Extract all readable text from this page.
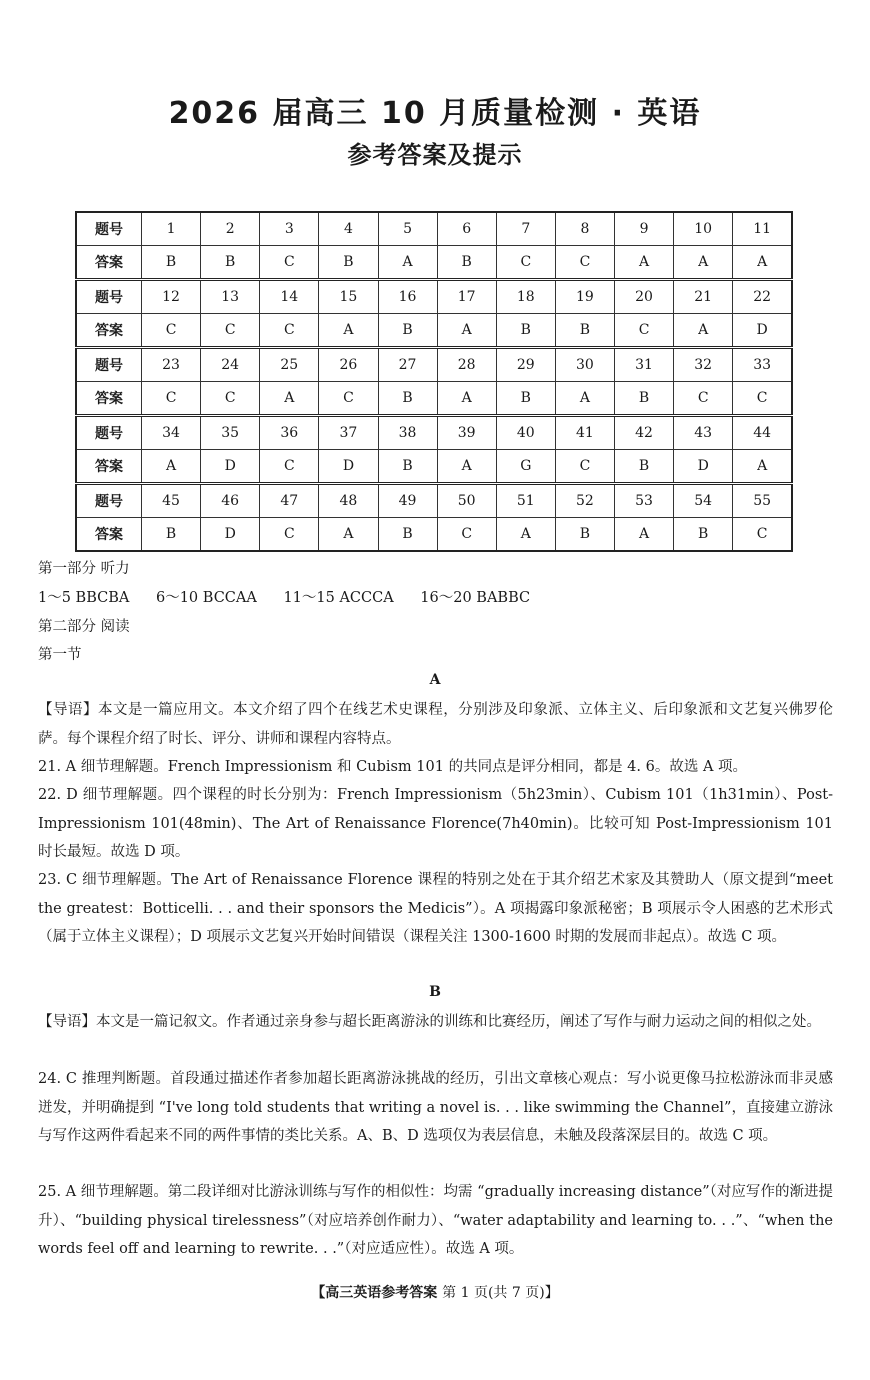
2026 届高三 10 月质量检测 · 英语
参考答案及提示
题号	1	2	3	4	5	6	7	8	9	10	11
答案	B	B	C	B	A	B	C	C	A	A	A
题号	12	13	14	15	16	17	18	19	20	21	22
答案	C	C	C	A	B	A	B	B	C	A	D
题号	23	24	25	26	27	28	29	30	31	32	33
答案	C	C	A	C	B	A	B	A	B	C	C
题号	34	35	36	37	38	39	40	41	42	43	44
答案	A	D	C	D	B	A	G	C	B	D	A
题号	45	46	47	48	49	50	51	52	53	54	55
答案	B	D	C	A	B	C	A	B	A	B	C
第一部分 听力
1～5 BBCBA 6～10 BCCAA 11～15 ACCCA 16～20 BABBC
第二部分 阅读
第一节
A
【导语】本文是一篇应用文。本文介绍了四个在线艺术史课程，分别涉及印象派、立体主义、后印象派和文艺复兴佛罗伦萨。每个课程介绍了时长、评分、讲师和课程内容特点。
21. A 细节理解题。French Impressionism 和 Cubism 101 的共同点是评分相同，都是 4. 6。故选 A 项。
22. D 细节理解题。四个课程的时长分别为：French Impressionism（5h23min）、Cubism 101（1h31min）、Post-Impressionism 101(48min)、The Art of Renaissance Florence(7h40min)。比较可知 Post-Impressionism 101 时长最短。故选 D 项。
23. C 细节理解题。The Art of Renaissance Florence 课程的特别之处在于其介绍艺术家及其赞助人（原文提到“meet the greatest：Botticelli. . . and their sponsors the Medicis”）。A 项揭露印象派秘密；B 项展示令人困惑的艺术形式（属于立体主义课程）；D 项展示文艺复兴开始时间错误（课程关注 1300-1600 时期的发展而非起点）。故选 C 项。
B
【导语】本文是一篇记叙文。作者通过亲身参与超长距离游泳的训练和比赛经历，阐述了写作与耐力运动之间的相似之处。
24. C 推理判断题。首段通过描述作者参加超长距离游泳挑战的经历，引出文章核心观点：写小说更像马拉松游泳而非灵感迸发，并明确提到 “I've long told students that writing a novel is. . . like swimming the Channel”，直接建立游泳与写作这两件看起来不同的两件事情的类比关系。A、B、D 选项仅为表层信息，未触及段落深层目的。故选 C 项。
25. A 细节理解题。第二段详细对比游泳训练与写作的相似性：均需 “gradually increasing distance”（对应写作的渐进提升）、“building physical tirelessness”（对应培养创作耐力）、“water adaptability and learning to. . .”、“when the words feel off and learning to rewrite. . .”（对应适应性）。故选 A 项。
【高三英语参考答案 第 1 页(共 7 页)】
